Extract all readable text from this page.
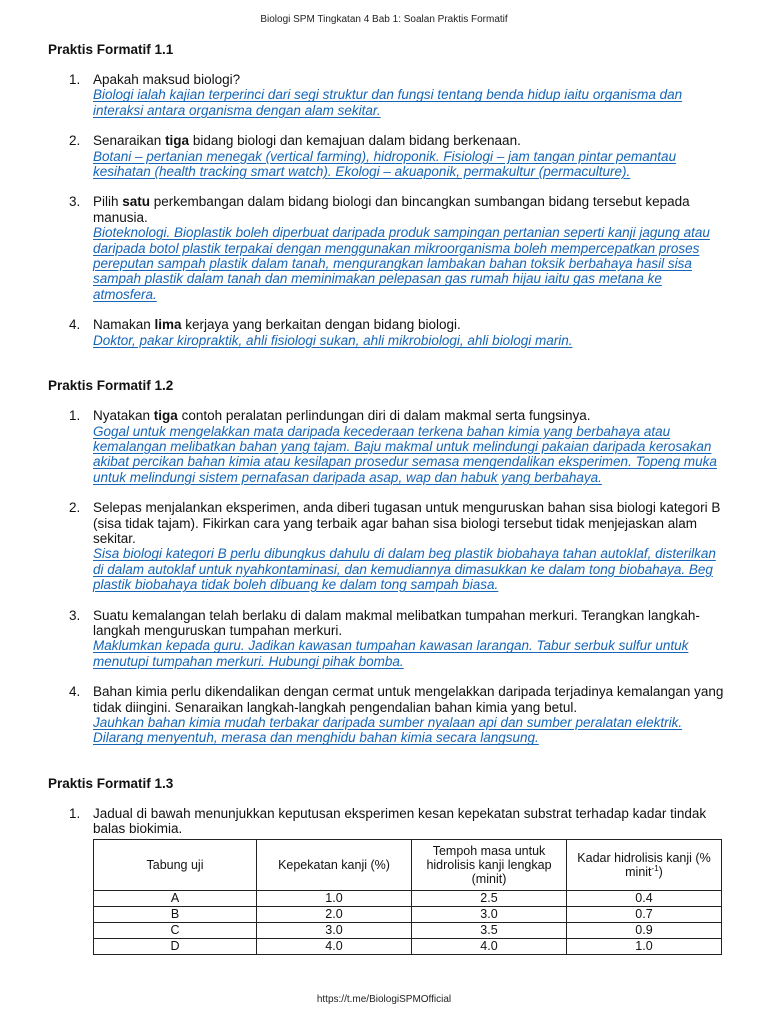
Biologi SPM Tingkatan 4 Bab 1: Soalan Praktis Formatif

Praktis Formatif 1.1

1. Apakah maksud biologi?
Biologi ialah kajian terperinci dari segi struktur dan fungsi tentang benda hidup iaitu organisma dan interaksi antara organisma dengan alam sekitar.
2. Senaraikan tiga bidang biologi dan kemajuan dalam bidang berkenaan.
Botani – pertanian menegak (vertical farming), hidroponik. Fisiologi – jam tangan pintar pemantau kesihatan (health tracking smart watch). Ekologi – akuaponik, permakultur (permaculture).
3. Pilih satu perkembangan dalam bidang biologi dan bincangkan sumbangan bidang tersebut kepada manusia.
Bioteknologi. Bioplastik boleh diperbuat daripada produk sampingan pertanian seperti kanji jagung atau daripada botol plastik terpakai dengan menggunakan mikroorganisma boleh mempercepatkan proses pereputan sampah plastik dalam tanah, mengurangkan lambakan bahan toksik berbahaya hasil sisa sampah plastik dalam tanah dan meminimakan pelepasan gas rumah hijau iaitu gas metana ke atmosfera.
4. Namakan lima kerjaya yang berkaitan dengan bidang biologi.
Doktor, pakar kiropraktik, ahli fisiologi sukan, ahli mikrobiologi, ahli biologi marin.

Praktis Formatif 1.2

1. Nyatakan tiga contoh peralatan perlindungan diri di dalam makmal serta fungsinya.
Gogal untuk mengelakkan mata daripada kecederaan terkena bahan kimia yang berbahaya atau kemalangan melibatkan bahan yang tajam. Baju makmal untuk melindungi pakaian daripada kerosakan akibat percikan bahan kimia atau kesilapan prosedur semasa mengendalikan eksperimen. Topeng muka untuk melindungi sistem pernafasan daripada asap, wap dan habuk yang berbahaya.
2. Selepas menjalankan eksperimen, anda diberi tugasan untuk menguruskan bahan sisa biologi kategori B (sisa tidak tajam). Fikirkan cara yang terbaik agar bahan sisa biologi tersebut tidak menjejaskan alam sekitar.
Sisa biologi kategori B perlu dibungkus dahulu di dalam beg plastik biobahaya tahan autoklaf, disterilkan di dalam autoklaf untuk nyahkontaminasi, dan kemudiannya dimasukkan ke dalam tong biobahaya. Beg plastik biobahaya tidak boleh dibuang ke dalam tong sampah biasa.
3. Suatu kemalangan telah berlaku di dalam makmal melibatkan tumpahan merkuri. Terangkan langkah-langkah menguruskan tumpahan merkuri.
Maklumkan kepada guru. Jadikan kawasan tumpahan kawasan larangan. Tabur serbuk sulfur untuk menutupi tumpahan merkuri. Hubungi pihak bomba.
4. Bahan kimia perlu dikendalikan dengan cermat untuk mengelakkan daripada terjadinya kemalangan yang tidak diingini. Senaraikan langkah-langkah pengendalian bahan kimia yang betul.
Jauhkan bahan kimia mudah terbakar daripada sumber nyalaan api dan sumber peralatan elektrik. Dilarang menyentuh, merasa dan menghidu bahan kimia secara langsung.

Praktis Formatif 1.3

1. Jadual di bawah menunjukkan keputusan eksperimen kesan kepekatan substrat terhadap kadar tindak balas biokimia.
Tabung uji	Kepekatan kanji (%)	Tempoh masa untuk hidrolisis kanji lengkap (minit)	Kadar hidrolisis kanji (% minit$^{-1}$)
A	1.0	2.5	0.4
B	2.0	3.0	0.7
C	3.0	3.5	0.9
D	4.0	4.0	1.0
https://t.me/BiologiSPMOfficial
